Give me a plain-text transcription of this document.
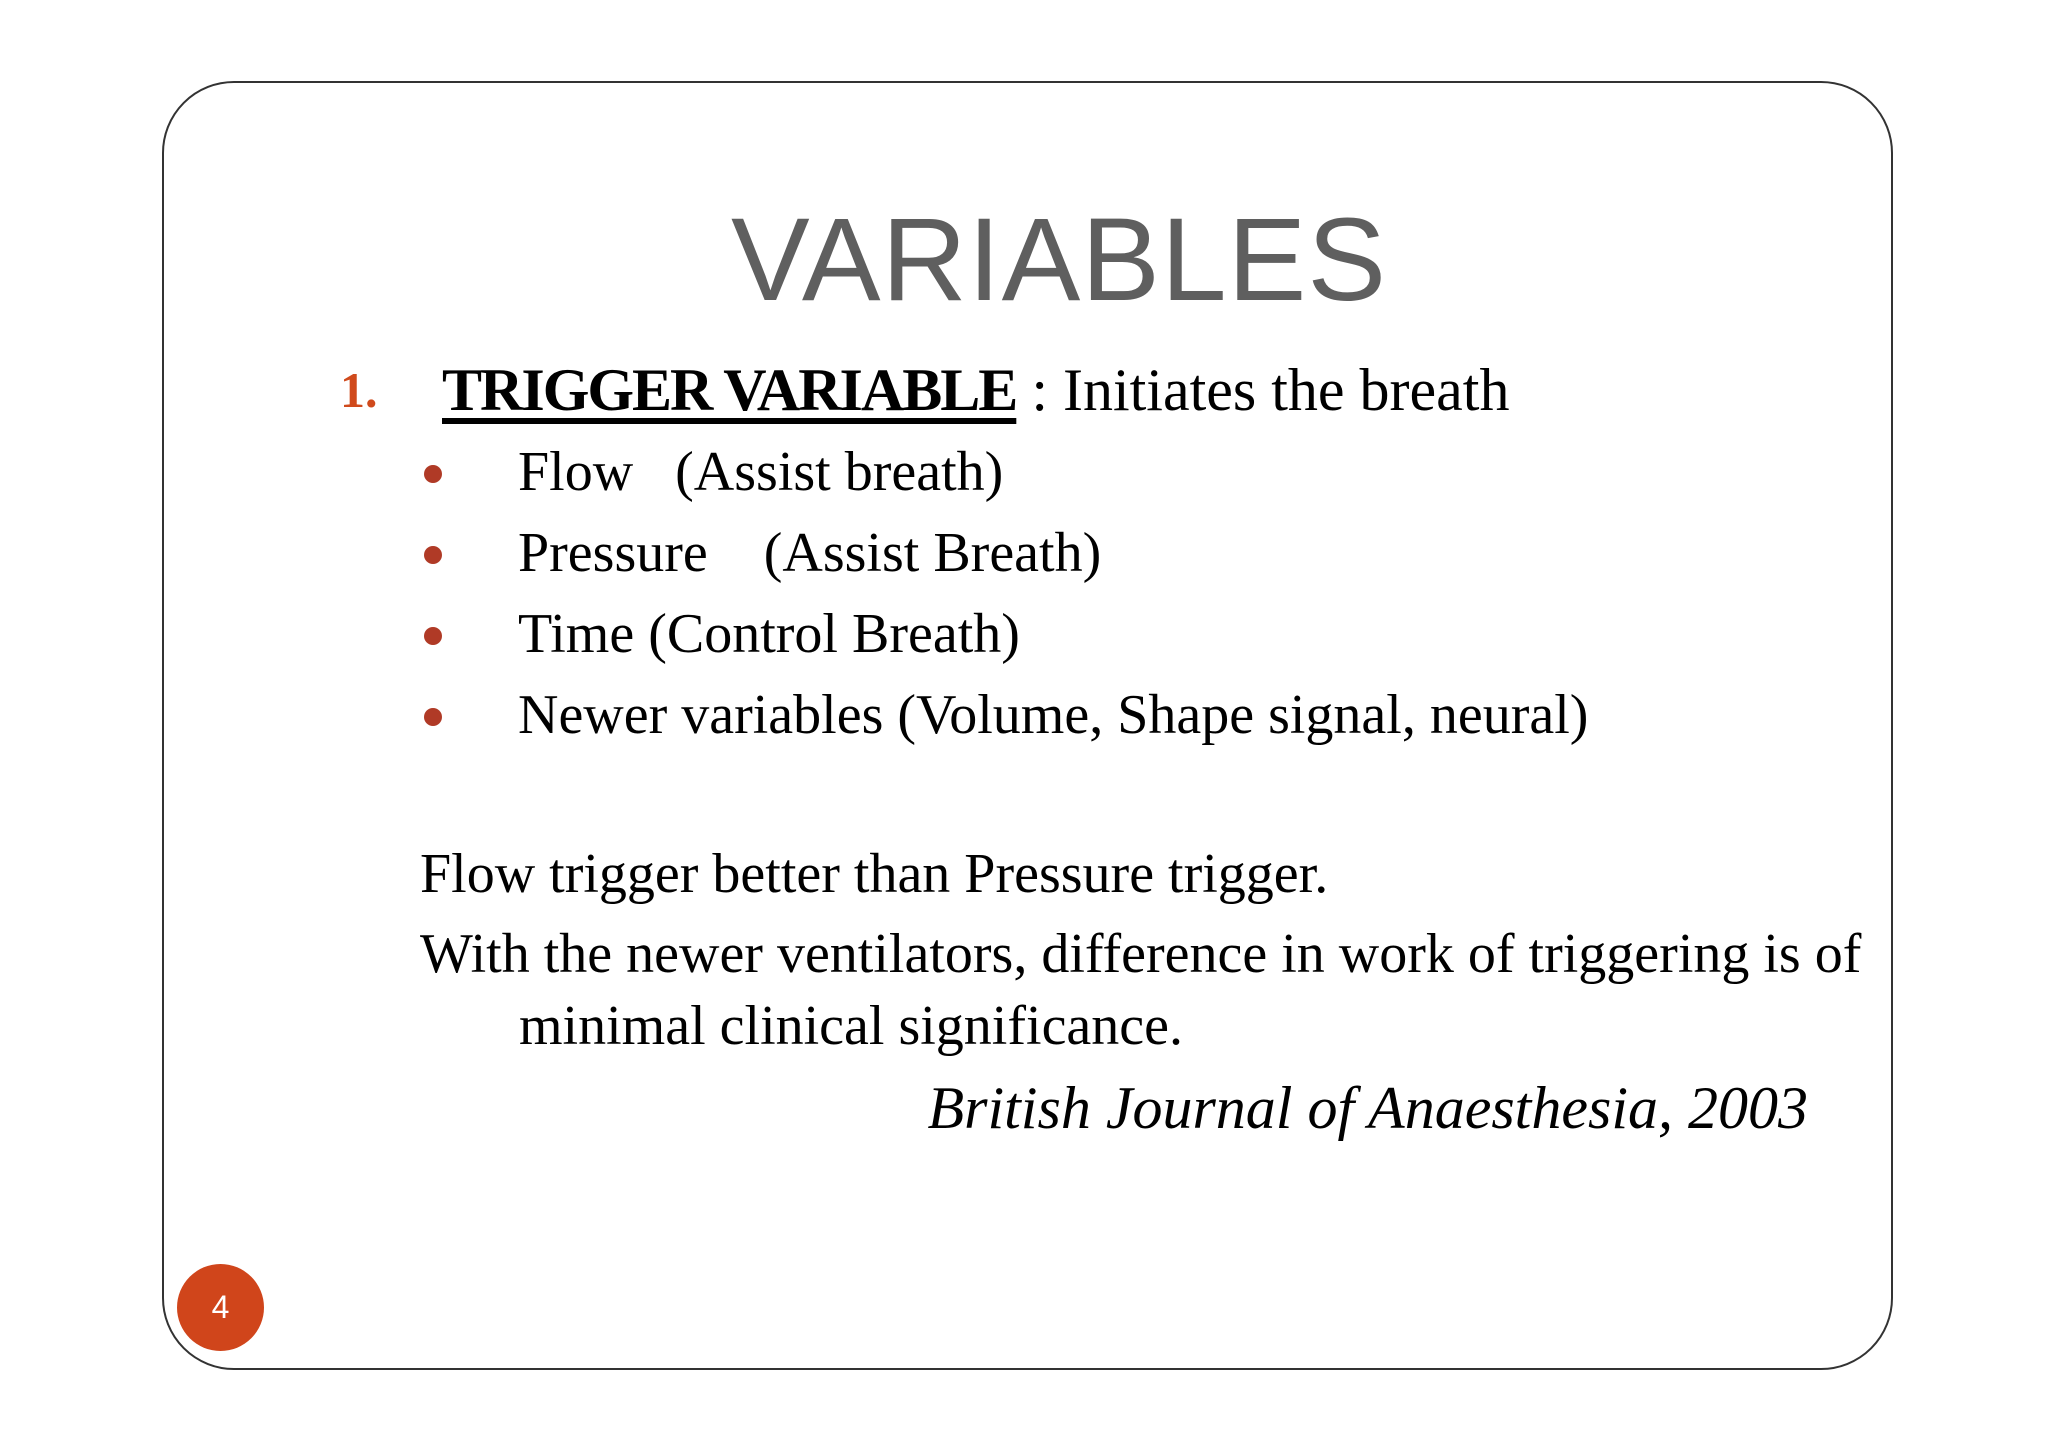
VARIABLES
1. TRIGGER VARIABLE : Initiates the breath
Flow   (Assist breath)
Pressure    (Assist Breath)
Time (Control Breath)
Newer variables (Volume, Shape signal, neural)
Flow trigger better than Pressure trigger.
With the newer ventilators, difference in work of triggering is of
minimal clinical significance.
British Journal of Anaesthesia, 2003
4
